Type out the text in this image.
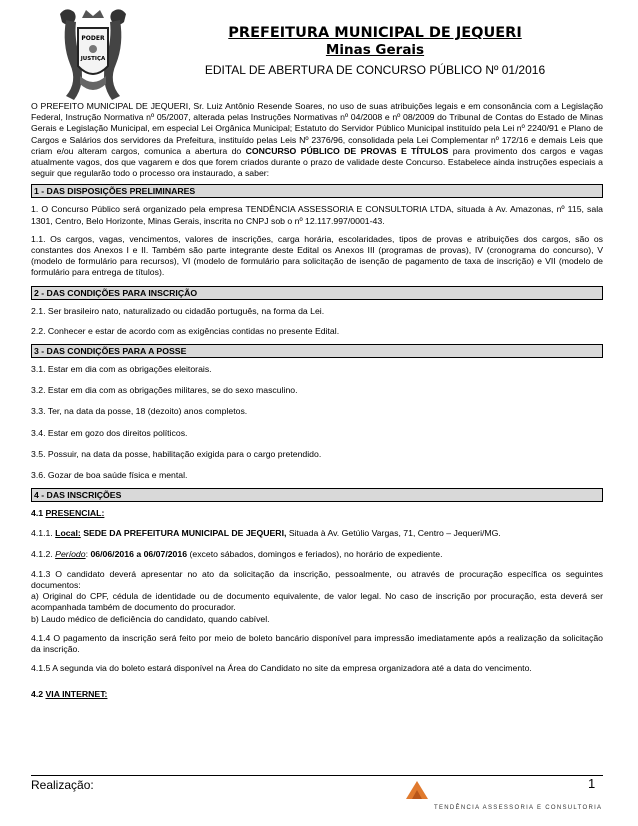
PODER
JUSTIÇA
PREFEITURA MUNICIPAL DE JEQUERI
Minas Gerais
EDITAL DE ABERTURA DE CONCURSO PÚBLICO Nº 01/2016

O PREFEITO MUNICIPAL DE JEQUERI, Sr. Luiz Antônio Resende Soares, no uso de suas atribuições legais e em consonância com a Legislação Federal, Instrução Normativa nº 05/2007, alterada pelas Instruções Normativas nº 04/2008 e nº 08/2009 do Tribunal de Contas do Estado de Minas Gerais e Legislação Municipal, em especial Lei Orgânica Municipal; Estatuto do Servidor Público Municipal instituído pela Lei nº 2240/91 e Plano de Cargos e Salários dos servidores da Prefeitura, instituído pelas Leis Nº 2376/96, consolidada pela Lei Complementar nº 172/16 e demais Leis que criam e/ou alteram cargos, comunica a abertura do CONCURSO PÚBLICO DE PROVAS E TÍTULOS para provimento dos cargos e vagas atualmente vagos, dos que vagarem e dos que forem criados durante o prazo de validade deste Concurso. Estabelece ainda instruções especiais a seguir que regularão todo o processo ora instaurado, a saber:

1 - DAS DISPOSIÇÕES PRELIMINARES

1. O Concurso Público será organizado pela empresa TENDÊNCIA ASSESSORIA E CONSULTORIA LTDA, situada à Av. Amazonas, nº 115, sala 1301, Centro, Belo Horizonte, Minas Gerais, inscrita no CNPJ sob o nº 12.117.997/0001-43.

1.1. Os cargos, vagas, vencimentos, valores de inscrições, carga horária, escolaridades, tipos de provas e atribuições dos cargos, são os constantes dos Anexos I e II. Também são parte integrante deste Edital os Anexos III (programas de provas), IV (cronograma do concurso), V (modelo de formulário para recursos), VI (modelo de formulário para solicitação de isenção de pagamento de taxa de inscrição) e VII (modelo de formulário para entrega de títulos).

2 - DAS CONDIÇÕES PARA INSCRIÇÃO

2.1. Ser brasileiro nato, naturalizado ou cidadão português, na forma da Lei.

2.2. Conhecer e estar de acordo com as exigências contidas no presente Edital.

3 - DAS CONDIÇÕES PARA A POSSE

3.1. Estar em dia com as obrigações eleitorais.

3.2. Estar em dia com as obrigações militares, se do sexo masculino.

3.3. Ter, na data da posse, 18 (dezoito) anos completos.

3.4. Estar em gozo dos direitos políticos.

3.5. Possuir, na data da posse, habilitação exigida para o cargo pretendido.

3.6. Gozar de boa saúde física e mental.

4 - DAS INSCRIÇÕES

4.1 PRESENCIAL:

4.1.1. Local: SEDE DA PREFEITURA MUNICIPAL DE JEQUERI, Situada à Av. Getúlio Vargas, 71, Centro – Jequeri/MG.

4.1.2. Período: 06/06/2016 a 06/07/2016 (exceto sábados, domingos e feriados), no horário de expediente.

4.1.3 O candidato deverá apresentar no ato da solicitação da inscrição, pessoalmente, ou através de procuração específica os seguintes documentos:

a) Original do CPF, cédula de identidade ou de documento equivalente, de valor legal. No caso de inscrição por procuração, esta deverá ser acompanhada também de documento do procurador.

b) Laudo médico de deficiência do candidato, quando cabível.

4.1.4 O pagamento da inscrição será feito por meio de boleto bancário disponível para impressão imediatamente após a realização da solicitação da inscrição.

4.1.5 A segunda via do boleto estará disponível na Área do Candidato no site da empresa organizadora até a data do vencimento.

4.2 VIA INTERNET:

Realização:	1
TENDÊNCIA ASSESSORIA E CONSULTORIA
